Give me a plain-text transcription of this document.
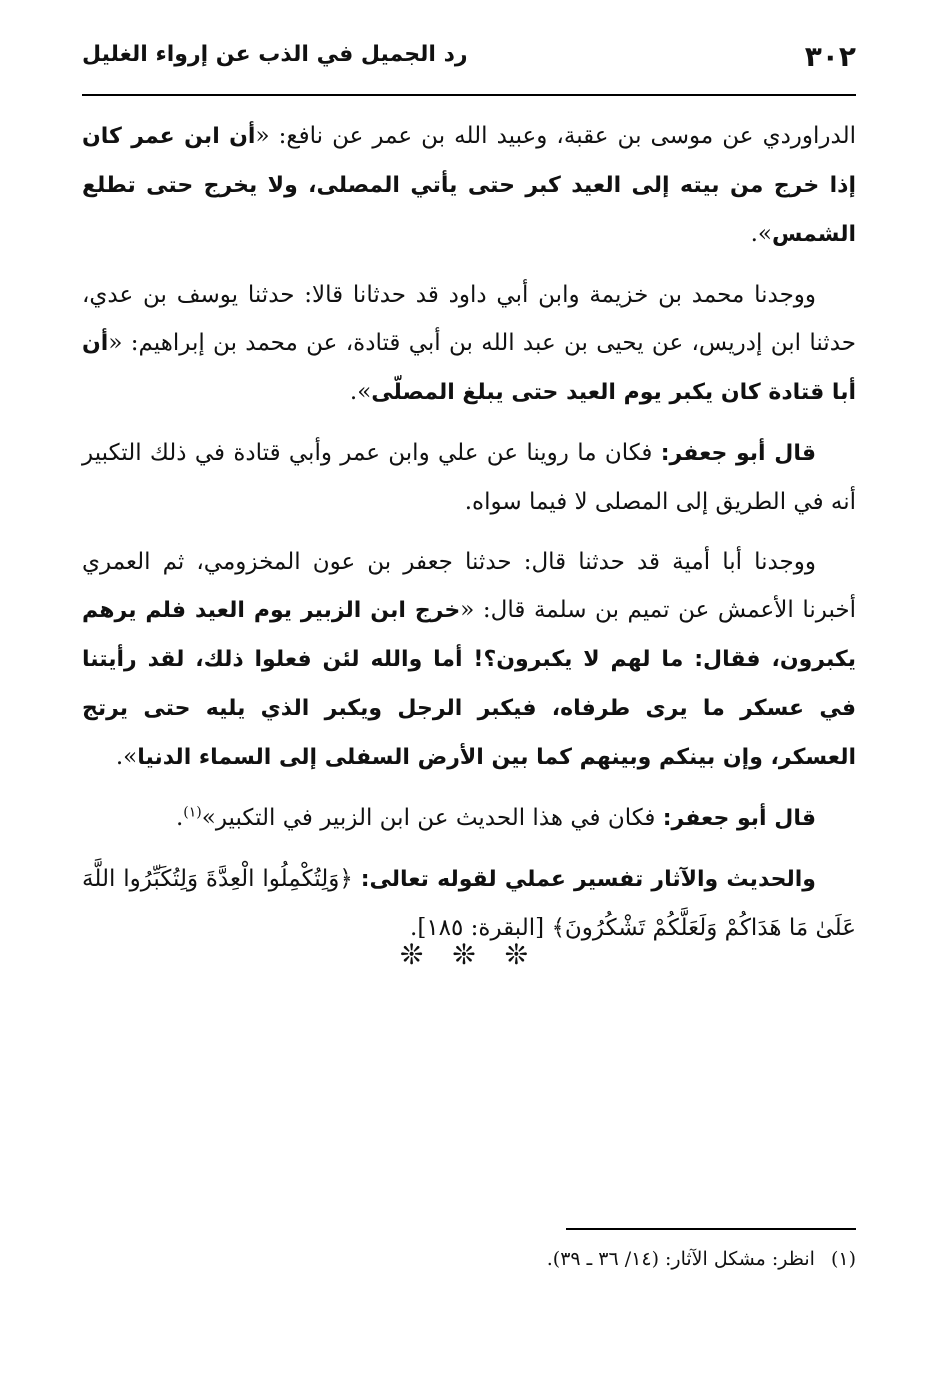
٣٠٢
رد الجميل في الذب عن إرواء الغليل

الدراوردي عن موسى بن عقبة، وعبيد الله بن عمر عن نافع: «أن ابن عمر كان إذا خرج من بيته إلى العيد كبر حتى يأتي المصلى، ولا يخرج حتى تطلع الشمس».

ووجدنا محمد بن خزيمة وابن أبي داود قد حدثانا قالا: حدثنا يوسف بن عدي، حدثنا ابن إدريس، عن يحيى بن عبد الله بن أبي قتادة، عن محمد بن إبراهيم: «أن أبا قتادة كان يكبر يوم العيد حتى يبلغ المصلّى».

قال أبو جعفر: فكان ما روينا عن علي وابن عمر وأبي قتادة في ذلك التكبير أنه في الطريق إلى المصلى لا فيما سواه.

ووجدنا أبا أمية قد حدثنا قال: حدثنا جعفر بن عون المخزومي، ثم العمري أخبرنا الأعمش عن تميم بن سلمة قال: «خرج ابن الزبير يوم العيد فلم يرهم يكبرون، فقال: ما لهم لا يكبرون؟! أما والله لئن فعلوا ذلك، لقد رأيتنا في عسكر ما يرى طرفاه، فيكبر الرجل ويكبر الذي يليه حتى يرتج العسكر، وإن بينكم وبينهم كما بين الأرض السفلى إلى السماء الدنيا».

قال أبو جعفر: فكان في هذا الحديث عن ابن الزبير في التكبير»$^{(١)}$.

والحديث والآثار تفسير عملي لقوله تعالى: ﴿وَلِتُكْمِلُوا الْعِدَّةَ وَلِتُكَبِّرُوا اللَّهَ عَلَىٰ مَا هَدَاكُمْ وَلَعَلَّكُمْ تَشْكُرُونَ﴾ [البقرة: ١٨٥].

❊ ❊ ❊
(١)انظر: مشكل الآثار: (١٤/ ٣٦ ـ ٣٩).
